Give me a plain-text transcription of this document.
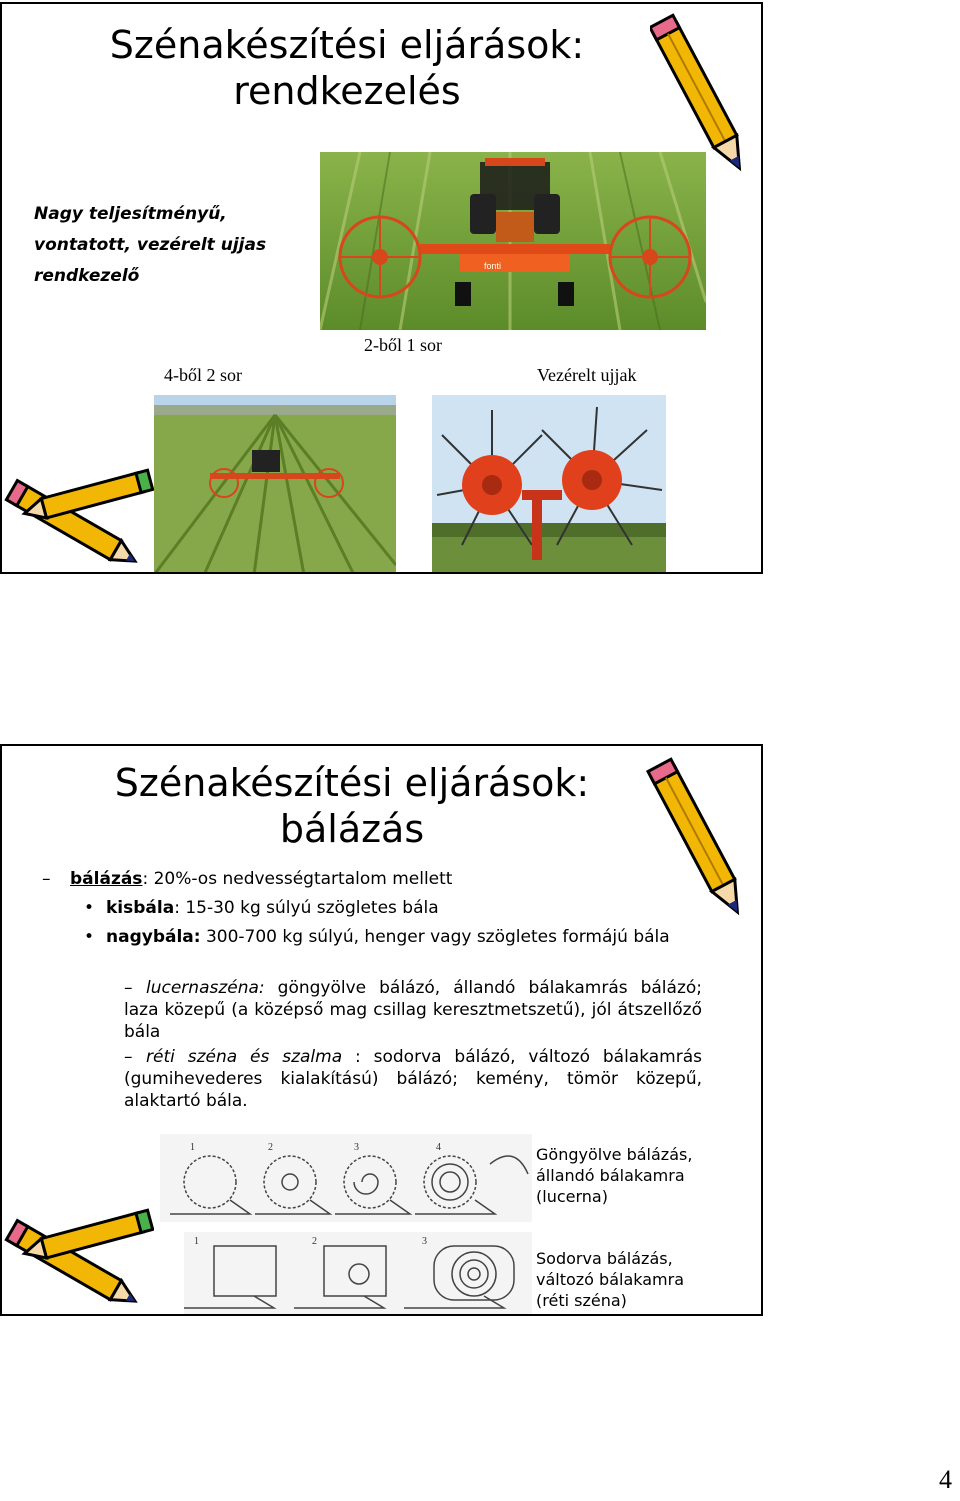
Szénakészítési eljárások:
rendkezelés
Nagy teljesítményű,
vontatott, vezérelt ujjas
rendkezelő	fonti
2-ből 1 sor
4-ből 2 sor	Vezérelt ujjak
Szénakészítési eljárások:
bálázás
– bálázás: 20%-os nedvességtartalom mellett
• kisbála: 15-30 kg súlyú szögletes bála
• nagybála: 300-700 kg súlyú, henger vagy szögletes formájú bála
– lucernaszéna: göngyölve bálázó, állandó bálakamrás bálázó; laza közepű (a középső mag csillag keresztmetszetű), jól átszellőző bála
– réti széna és szalma : sodorva bálázó, változó bálakamrás (gumihevederes kialakítású) bálázó; kemény, tömör közepű, alaktartó bála.
1	2	3	4
1	2	3
Göngyölve bálázás,
állandó bálakamra
(lucerna)
Sodorva bálázás,
változó bálakamra
(réti széna)
4
